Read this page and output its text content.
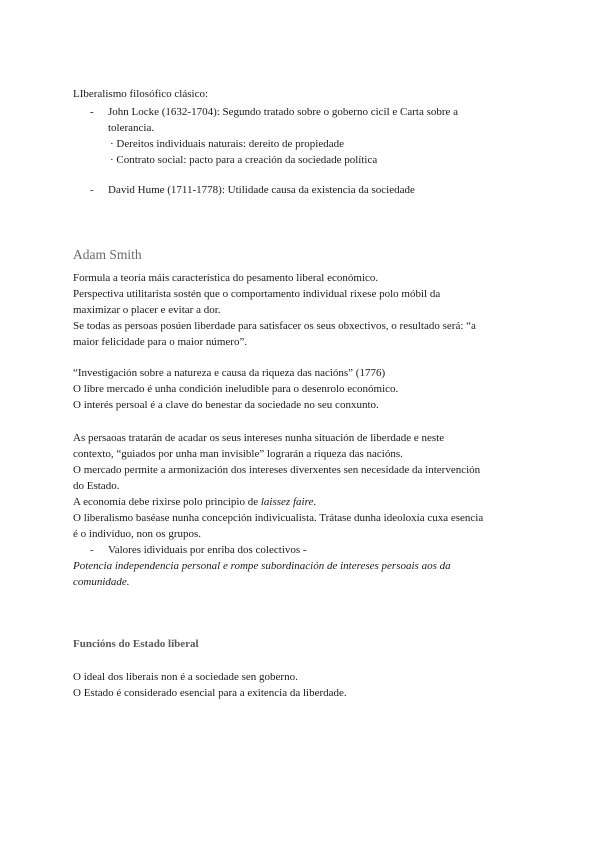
LIberalismo filosófico clásico:
- John Locke (1632-1704): Segundo tratado sobre o goberno cicil e Carta sobre a
tolerancia.
· Dereitos individuais naturais: dereito de propiedade
· Contrato social: pacto para a creación da sociedade política
- David Hume (1711-1778): Utilidade causa da existencia da sociedade
Adam Smith
Formula a teoría máis característica do pesamento liberal económico.
Perspectiva utilitarista sostén que o comportamento individual rixese polo móbil da
maximizar o placer e evitar a dor.
Se todas as persoas posúen liberdade para satisfacer os seus obxectivos, o resultado será: “a
maior felicidade para o maior número”.
“Investigación sobre a natureza e causa da riqueza das nacións” (1776)
O libre mercado é unha condición ineludible para o desenrolo económico.
O interés persoal é a clave do benestar da sociedade no seu conxunto.
As persaoas tratarán de acadar os seus intereses nunha situación de liberdade e neste
contexto, “guiados por unha man invisible” lograrán a riqueza das nacións.
O mercado permite a armonización dos intereses diverxentes sen necesidade da intervención
do Estado.
A economía debe rixirse polo principio de laissez faire.
O liberalismo baséase nunha concepción indivicualista. Trátase dunha ideoloxía cuxa esencia
é o indivíduo, non os grupos.
- Valores idividuais por enriba dos colectivos -
Potencia independencia personal e rompe subordinación de intereses persoais aos da
comunidade.
Funcións do Estado liberal
O ideal dos liberais non é a sociedade sen goberno.
O Estado é considerado esencial para a exitencia da liberdade.
